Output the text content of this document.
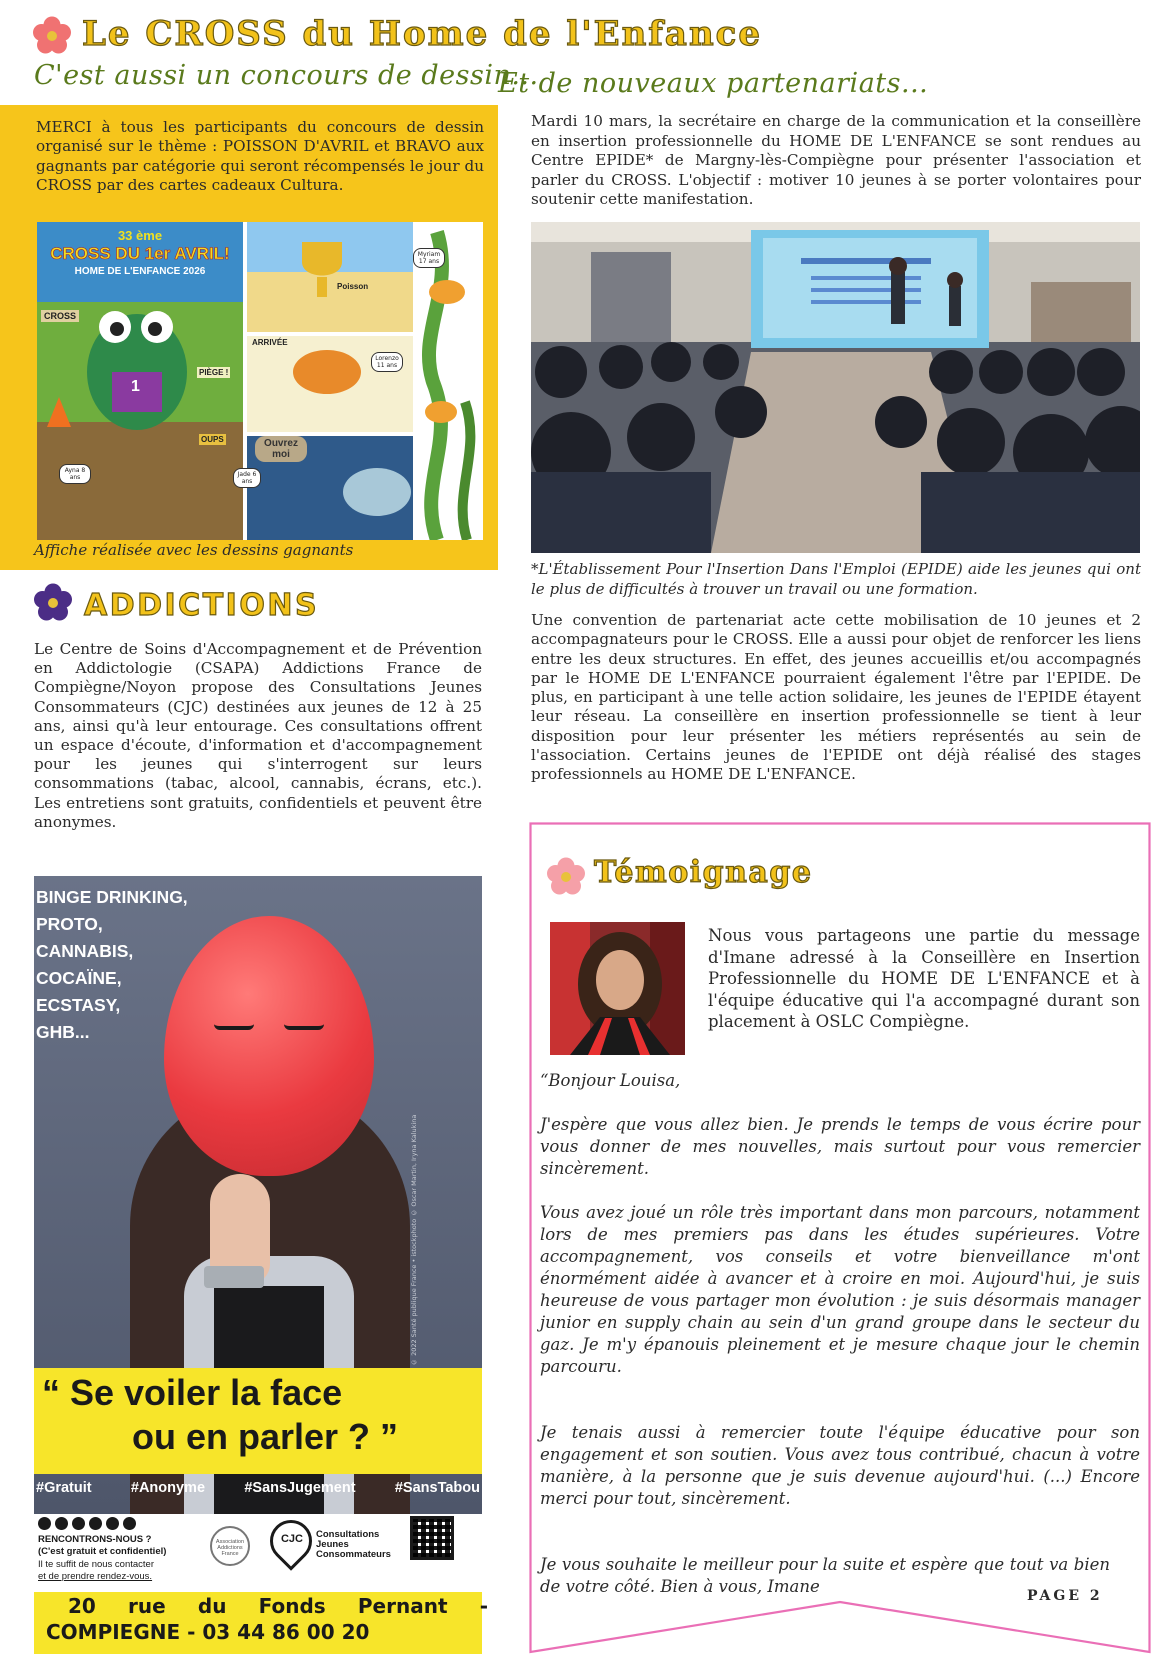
Le CROSS du Home de l'Enfance
C'est aussi un concours de dessin...
Et de nouveaux partenariats...
MERCI à tous les participants du concours de dessin organisé sur le thème : POISSON D'AVRIL et BRAVO aux gagnants par catégorie qui seront récompensés le jour du CROSS par des cartes cadeaux Cultura.
33 ème
CROSS DU 1er AVRIL!
HOME DE L'ENFANCE 2026
CROSS
1
PIÈGE !
OUPS
ARRIVÉE
Poisson
Ouvrez moi
Myriam 17 ans
Lorenzo 11 ans
Ayna 8 ans	Jade 6 ans
Affiche réalisée avec les dessins gagnants
ADDICTIONS
Le Centre de Soins d'Accompagnement et de Prévention en Addictologie (CSAPA) Addictions France de Compiègne/Noyon propose des Consultations Jeunes Consommateurs (CJC) destinées aux jeunes de 12 à 25 ans, ainsi qu'à leur entourage. Ces consultations offrent un espace d'écoute, d'information et d'accompagnement pour les jeunes qui s'interrogent sur leurs consommations (tabac, alcool, cannabis, écrans, etc.). Les entretiens sont gratuits, confidentiels et peuvent être anonymes.
BINGE DRINKING,
PROTO,
CANNABIS,
COCAÏNE,
ECSTASY,
GHB...
© 2022 Santé publique France • istockphoto © Oscar Martin, Iryna Kalukina
“ Se voiler la face
ou en parler ? ”
#Gratuit	#Anonyme	#SansJugement	#SansTabou
RENCONTRONS-NOUS ?
(C'est gratuit et confidentiel)
Il te suffit de nous contacter
et de prendre rendez-vous.
Association Addictions France
CJC	Consultations
Jeunes
Consommateurs
20 rue du Fonds Pernant -
COMPIEGNE - 03 44 86 00 20
Mardi 10 mars, la secrétaire en charge de la communication et la conseillère en insertion professionnelle du HOME DE L'ENFANCE se sont rendues au Centre EPIDE* de Margny-lès-Compiègne pour présenter l'association et parler du CROSS. L'objectif : motiver 10 jeunes à se porter volontaires pour soutenir cette manifestation.
*L'Établissement Pour l'Insertion Dans l'Emploi (EPIDE) aide les jeunes qui ont le plus de difficultés à trouver un travail ou une formation.
Une convention de partenariat acte cette mobilisation de 10 jeunes et 2 accompagnateurs pour le CROSS. Elle a aussi pour objet de renforcer les liens entre les deux structures. En effet, des jeunes accueillis et/ou accompagnés par le HOME DE L'ENFANCE pourraient également l'être par l'EPIDE. De plus, en participant à une telle action solidaire, les jeunes de l'EPIDE étayent leur réseau. La conseillère en insertion professionnelle se tient à leur disposition pour leur présenter les métiers représentés au sein de l'association. Certains jeunes de l'EPIDE ont déjà réalisé des stages professionnels au HOME DE L'ENFANCE.
Témoignage
Nous vous partageons une partie du message d'Imane adressé à la Conseillère en Insertion Professionnelle du HOME DE L'ENFANCE et à l'équipe éducative qui l'a accompagné durant son placement à OSLC Compiègne.
“Bonjour Louisa,
J'espère que vous allez bien. Je prends le temps de vous écrire pour vous donner de mes nouvelles, mais surtout pour vous remercier sincèrement.
Vous avez joué un rôle très important dans mon parcours, notamment lors de mes premiers pas dans les études supérieures. Votre accompagnement, vos conseils et votre bienveillance m'ont énormément aidée à avancer et à croire en moi. Aujourd'hui, je suis heureuse de vous partager mon évolution : je suis désormais manager junior en supply chain au sein d'un grand groupe dans le secteur du gaz. Je m'y épanouis pleinement et je mesure chaque jour le chemin parcouru.
Je tenais aussi à remercier toute l'équipe éducative pour son engagement et son soutien. Vous avez tous contribué, chacun à votre manière, à la personne que je suis devenue aujourd'hui. (...) Encore merci pour tout, sincèrement.
Je vous souhaite le meilleur pour la suite et espère que tout va bien de votre côté. Bien à vous, Imane	PAGE 2
